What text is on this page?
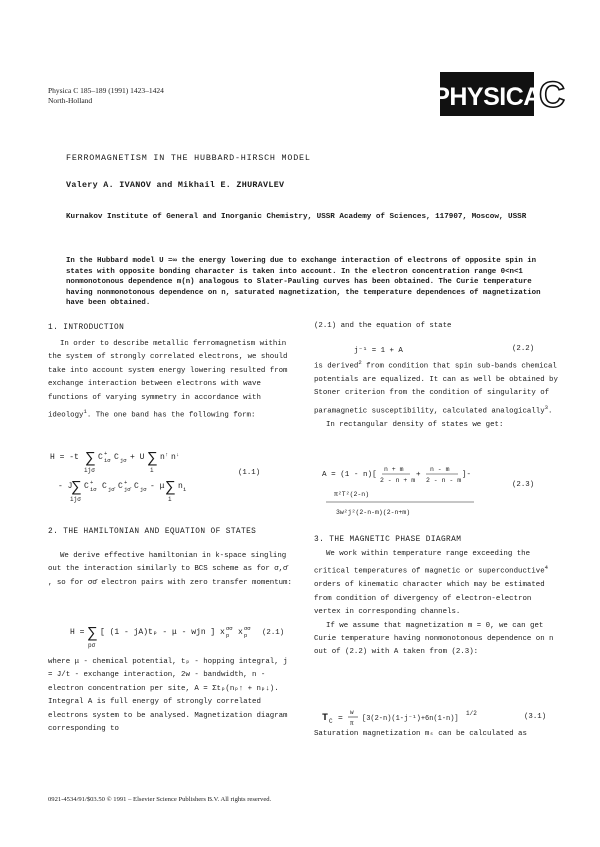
Physica C 185–189 (1991) 1423–1424
North-Holland	PHYSICA
C
FERROMAGNETISM IN THE HUBBARD-HIRSCH MODEL
Valery A. IVANOV and Mikhail E. ZHURAVLEV
Kurnakov Institute of General and Inorganic Chemistry, USSR Academy of Sciences, 117907, Moscow, USSR
In the Hubbard model U =∞ the energy lowering due to exchange interaction of electrons of opposite spin in states with opposite bonding character is taken into account. In the electron concentration range 0<n<1 nonmonotonous dependence m(n) analogous to Slater-Pauling curves has been obtained. The Curie temperature having nonmonotonous dependence on n, saturated magnetization, the temperature dependences of magnetization have been obtained.
1. INTRODUCTION

In order to describe metallic ferromagnetism within the system of strongly correlated electrons, we should take into account system energy lowering resulted from exchange interaction between electrons with wave functions of varying symmetry in accordance with ideology$^1$. The one band has the following form:

H = -t ∑
ijσ
C +
iσ C jσ + U ∑
i
n ↑ n ↓
- J ∑
ijσ
C +
iσ C jσ̄ C +
jσ̄ C jσ - μ ∑
i
n i
(1.1)
2. THE HAMILTONIAN AND EQUATION OF STATES

We derive effective hamiltonian in k-space singling out the interaction similarly to BCS scheme as for σ,σ̄ , so for σσ̄ electron pairs with zero transfer momentum:

H = ∑
pσ
[ (1 - jA)tₚ - μ - wjn ] x σσ
p x σσ
p (2.1)

where μ - chemical potential, tₚ - hopping integral, j = J/t - exchange interaction, 2w - bandwidth, n - electron concentration per site, A = Σtₚ(nₚ↑ + nₚ↓). Integral A is full energy of strongly correlated electrons system to be analysed. Magnetization diagram corresponding to

(2.1) and the equation of state

j⁻¹ = 1 + A	(2.2)

is derived$^2$ from condition that spin sub-bands chemical potentials are equalized. It can as well be obtained by Stoner criterion from the condition of singularity of paramagnetic susceptibility, calculated analogically$^3$.

In rectangular density of states we get:

A = (1 - n)[
n + m
2 - n + m
+
n - m
2 - n - m
]-
π²T²(2-n)
3w²j²(2-n-m)(2-n+m)
(2.3)
3. THE MAGNETIC PHASE DIAGRAM

We work within temperature range exceeding the critical temperatures of magnetic or superconductive$^4$ orders of kinematic character which may be estimated from condition of divergency of electron-electron vertex in corresponding channels.

If we assume that magnetization m = 0, we can get Curie temperature having nonmonotonous dependence on n out of (2.2) with A taken from (2.3):

T C =
w
π
[3(2-n)(1-j⁻¹)+6n(1-n)]
1/2	(3.1)

Saturation magnetization mₛ can be calculated as

0921-4534/91/$03.50 © 1991 – Elsevier Science Publishers B.V. All rights reserved.
